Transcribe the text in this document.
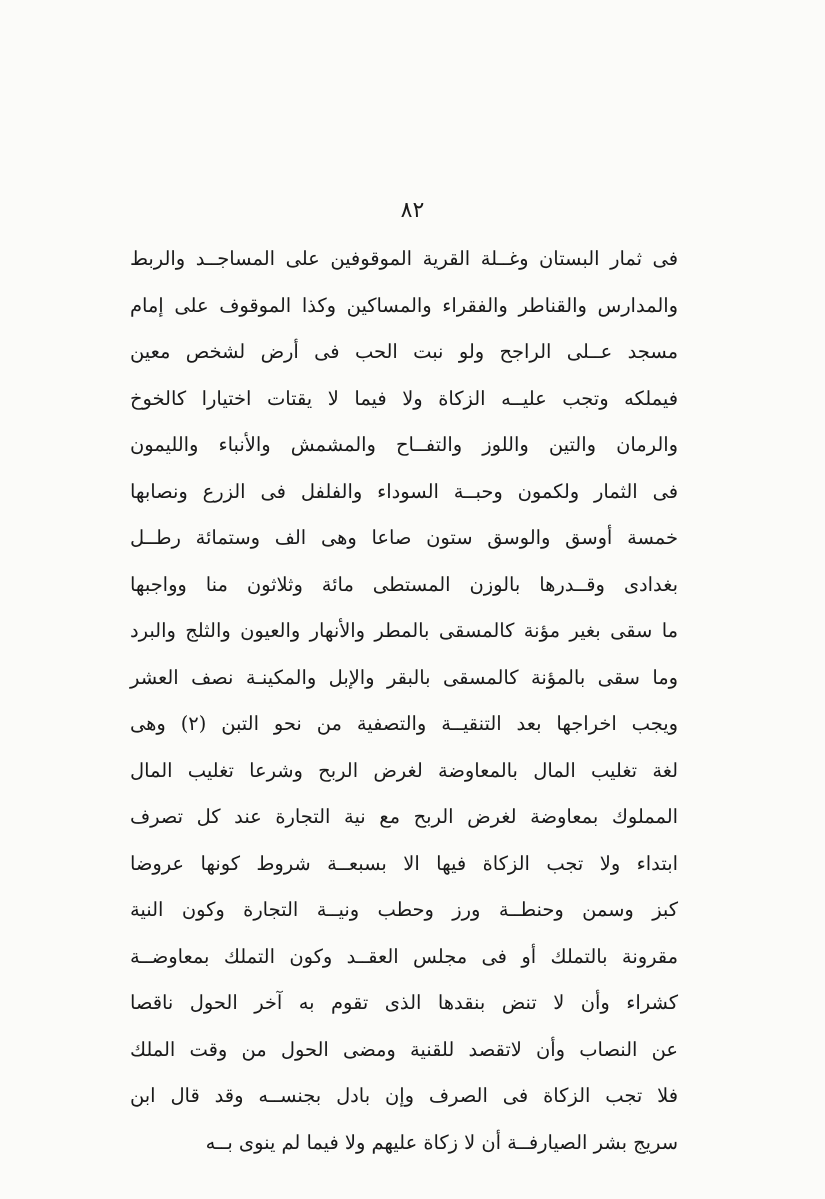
٨٢
فى ثمار البستان وغــلة القرية الموقوفين على المساجــد والربط
والمدارس والقناطر والفقراء والمساكين وكذا الموقوف على إمام
مسجد عــلى الراجح ولو نبت الحب فى أرض لشخص معين
فيملكه وتجب عليــه الزكاة ولا فيما لا يقتات اختيارا كالخوخ
والرمان والتين واللوز والتفــاح والمشمش والأنباء والليمون
فى الثمار ولكمون وحبــة السوداء والفلفل فى الزرع ونصابها
خمسة أوسق والوسق ستون صاعا وهى الف وستمائة رطــل
بغدادى وقــدرها بالوزن المستطى مائة وثلاثون منا وواجبها
ما سقى بغير مؤنة كالمسقى بالمطر والأنهار والعيون والثلج والبرد
وما سقى بالمؤنة كالمسقى بالبقر والإبل والمكينـة نصف العشر
ويجب اخراجها بعد التنقيــة والتصفية من نحو التبن (٢) وهى
لغة تغليب المال بالمعاوضة لغرض الربح وشرعا تغليب المال
المملوك بمعاوضة لغرض الربح مع نية التجارة عند كل تصرف
ابتداء ولا تجب الزكاة فيها الا بسبعــة شروط كونها عروضا
كبز وسمن وحنطــة ورز وحطب ونيــة التجارة وكون النية
مقرونة بالتملك أو فى مجلس العقــد وكون التملك بمعاوضــة
كشراء وأن لا تنض بنقدها الذى تقوم به آخر الحول ناقصا
عن النصاب وأن لاتقصد للقنية ومضى الحول من وقت الملك
فلا تجب الزكاة فى الصرف وإن بادل بجنســه وقد قال ابن
سريج بشر الصيارفــة أن لا زكاة عليهم ولا فيما لم ينوى بــه
